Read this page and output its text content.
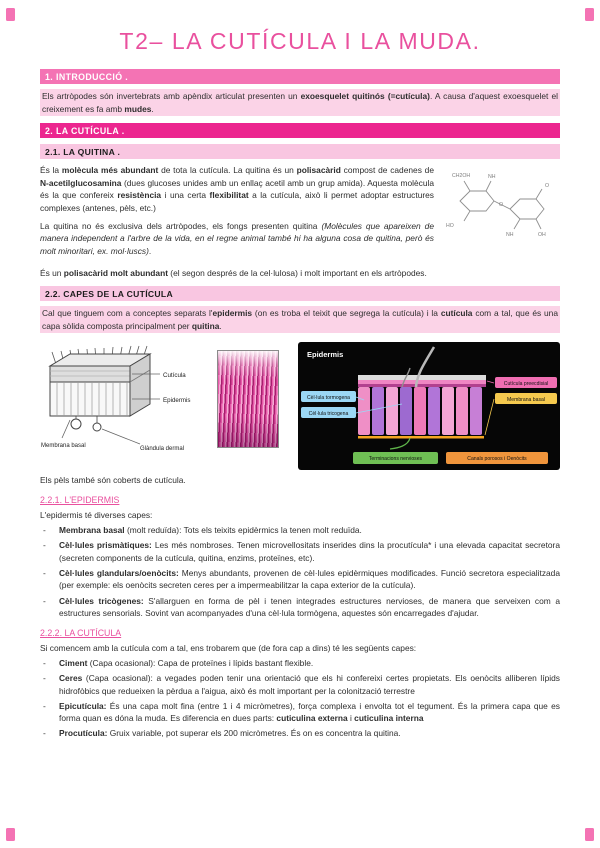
T2– LA CUTÍCULA I LA MUDA.
1. INTRODUCCIÓ .

Els artròpodes són invertebrats amb apèndix articulat presenten un exoesquelet quitinós (=cutícula). A causa d'aquest exoesquelet el creixement es fa amb mudes.

2. LA CUTÍCULA .
2.1. LA QUITINA .
CH2OH	NH
HO
O
NH	OH
O

És la molècula més abundant de tota la cutícula. La quitina és un polisacàrid compost de cadenes de N-acetilglucosamina (dues glucoses unides amb un enllaç acetil amb un grup amida). Aquesta molècula és la que confereix resistència i una certa flexibilitat a la cutícula, això li permet adoptar estructures complexes (antenes, pèls, etc.)

La quitina no és exclusiva dels artròpodes, els fongs presenten quitina (Molècules que apareixen de manera independent a l'arbre de la vida, en el regne animal també hi ha alguna cosa de quitina, però és molt minoritari, ex. mol·luscs).

És un polisacàrid molt abundant (el segon després de la cel·lulosa) i molt important en els artròpodes.

2.2. CAPES DE LA CUTÍCULA

Cal que tinguem com a conceptes separats l'epidermis (on es troba el teixit que segrega la cutícula) i la cutícula com a tal, que és una capa sòlida composta principalment per quitina.

Cutícula
Epidermis
Membrana basal	Glàndula dermal
Epidermis
Cèl·lula tormogena
Cèl·lula tricogena
Cutícula preecdisial
Membrana basal
Terminacions nervioses	Canals porosos i Oenòcits

Els pèls també són coberts de cutícula.

2.2.1. L'EPIDERMIS

L'epidermis té diverses capes:

- Membrana basal (molt reduïda): Tots els teixits epidèrmics la tenen molt reduïda.
- Cèl·lules prismàtiques: Les més nombroses. Tenen microvellositats inserides dins la procutícula* i una elevada capacitat secretora (secreten components de la cutícula, quitina, enzims, proteïnes, etc).
- Cèl·lules glandulars/oenòcits: Menys abundants, provenen de cèl·lules epidèrmiques modificades. Funció secretora especialitzada (per exemple: els oenòcits secreten ceres per a impermeabilitzar la capa exterior de la cutícula).
- Cèl·lules tricògenes: S'allarguen en forma de pèl i tenen integrades estructures nervioses, de manera que serveixen com a estructures sensorials. Sovint van acompanyades d'una cèl·lula tormògena, aquestes són encarregades d'ajudar.
2.2.2. LA CUTÍCULA

Si comencem amb la cutícula com a tal, ens trobarem que (de fora cap a dins) té les següents capes:

- Ciment (Capa ocasional): Capa de proteïnes i lípids bastant flexible.
- Ceres (Capa ocasional): a vegades poden tenir una orientació que els hi confereixi certes propietats. Els oenòcits alliberen lípids hidrofòbics que redueixen la pèrdua a l'aigua, això és molt important per la colonització terrestre
- Epicutícula: És una capa molt fina (entre 1 i 4 micròmetres), força complexa i envolta tot el tegument. És la primera capa que es forma quan es dóna la muda. Es diferencia en dues parts: cuticulina externa i cuticulina interna
- Procutícula: Gruix variable, pot superar els 200 micròmetres. És on es concentra la quitina.
